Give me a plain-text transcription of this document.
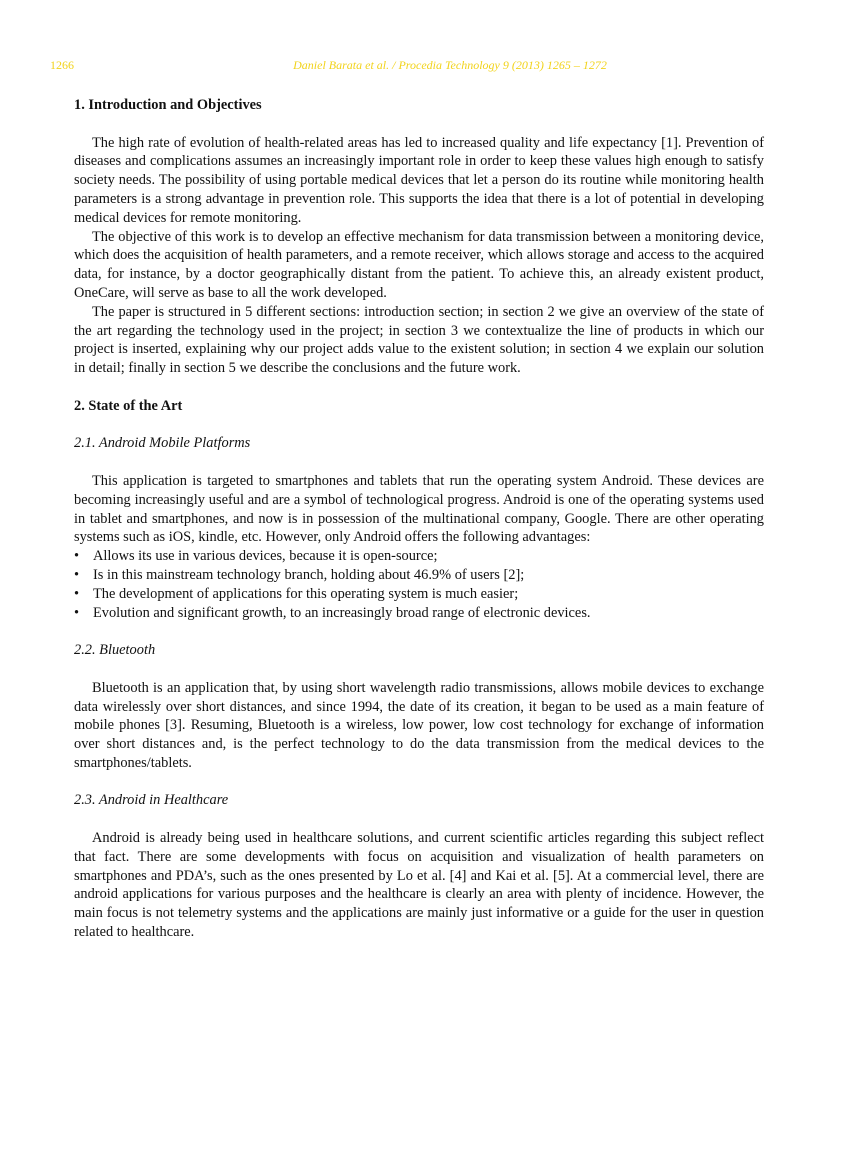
1266	Daniel Barata et al. / Procedia Technology 9 (2013) 1265 – 1272
1. Introduction and Objectives

The high rate of evolution of health-related areas has led to increased quality and life expectancy [1]. Prevention of diseases and complications assumes an increasingly important role in order to keep these values high enough to satisfy society needs. The possibility of using portable medical devices that let a person do its routine while monitoring health parameters is a strong advantage in prevention role. This supports the idea that there is a lot of potential in developing medical devices for remote monitoring.

The objective of this work is to develop an effective mechanism for data transmission between a monitoring device, which does the acquisition of health parameters, and a remote receiver, which allows storage and access to the acquired data, for instance, by a doctor geographically distant from the patient. To achieve this, an already existent product, OneCare, will serve as base to all the work developed.

The paper is structured in 5 different sections: introduction section; in section 2 we give an overview of the state of the art regarding the technology used in the project; in section 3 we contextualize the line of products in which our project is inserted, explaining why our project adds value to the existent solution; in section 4 we explain our solution in detail; finally in section 5 we describe the conclusions and the future work.

2. State of the Art
2.1. Android Mobile Platforms

This application is targeted to smartphones and tablets that run the operating system Android. These devices are becoming increasingly useful and are a symbol of technological progress. Android is one of the operating systems used in tablet and smartphones, and now is in possession of the multinational company, Google. There are other operating systems such as iOS, kindle, etc. However, only Android offers the following advantages:

• Allows its use in various devices, because it is open-source;
• Is in this mainstream technology branch, holding about 46.9% of users [2];
• The development of applications for this operating system is much easier;
• Evolution and significant growth, to an increasingly broad range of electronic devices.
2.2. Bluetooth

Bluetooth is an application that, by using short wavelength radio transmissions, allows mobile devices to exchange data wirelessly over short distances, and since 1994, the date of its creation, it began to be used as a main feature of mobile phones [3]. Resuming, Bluetooth is a wireless, low power, low cost technology for exchange of information over short distances and, is the perfect technology to do the data transmission from the medical devices to the smartphones/tablets.

2.3. Android in Healthcare

Android is already being used in healthcare solutions, and current scientific articles regarding this subject reflect that fact. There are some developments with focus on acquisition and visualization of health parameters on smartphones and PDA’s, such as the ones presented by Lo et al. [4] and Kai et al. [5]. At a commercial level, there are android applications for various purposes and the healthcare is clearly an area with plenty of incidence. However, the main focus is not telemetry systems and the applications are mainly just informative or a guide for the user in question related to healthcare.
